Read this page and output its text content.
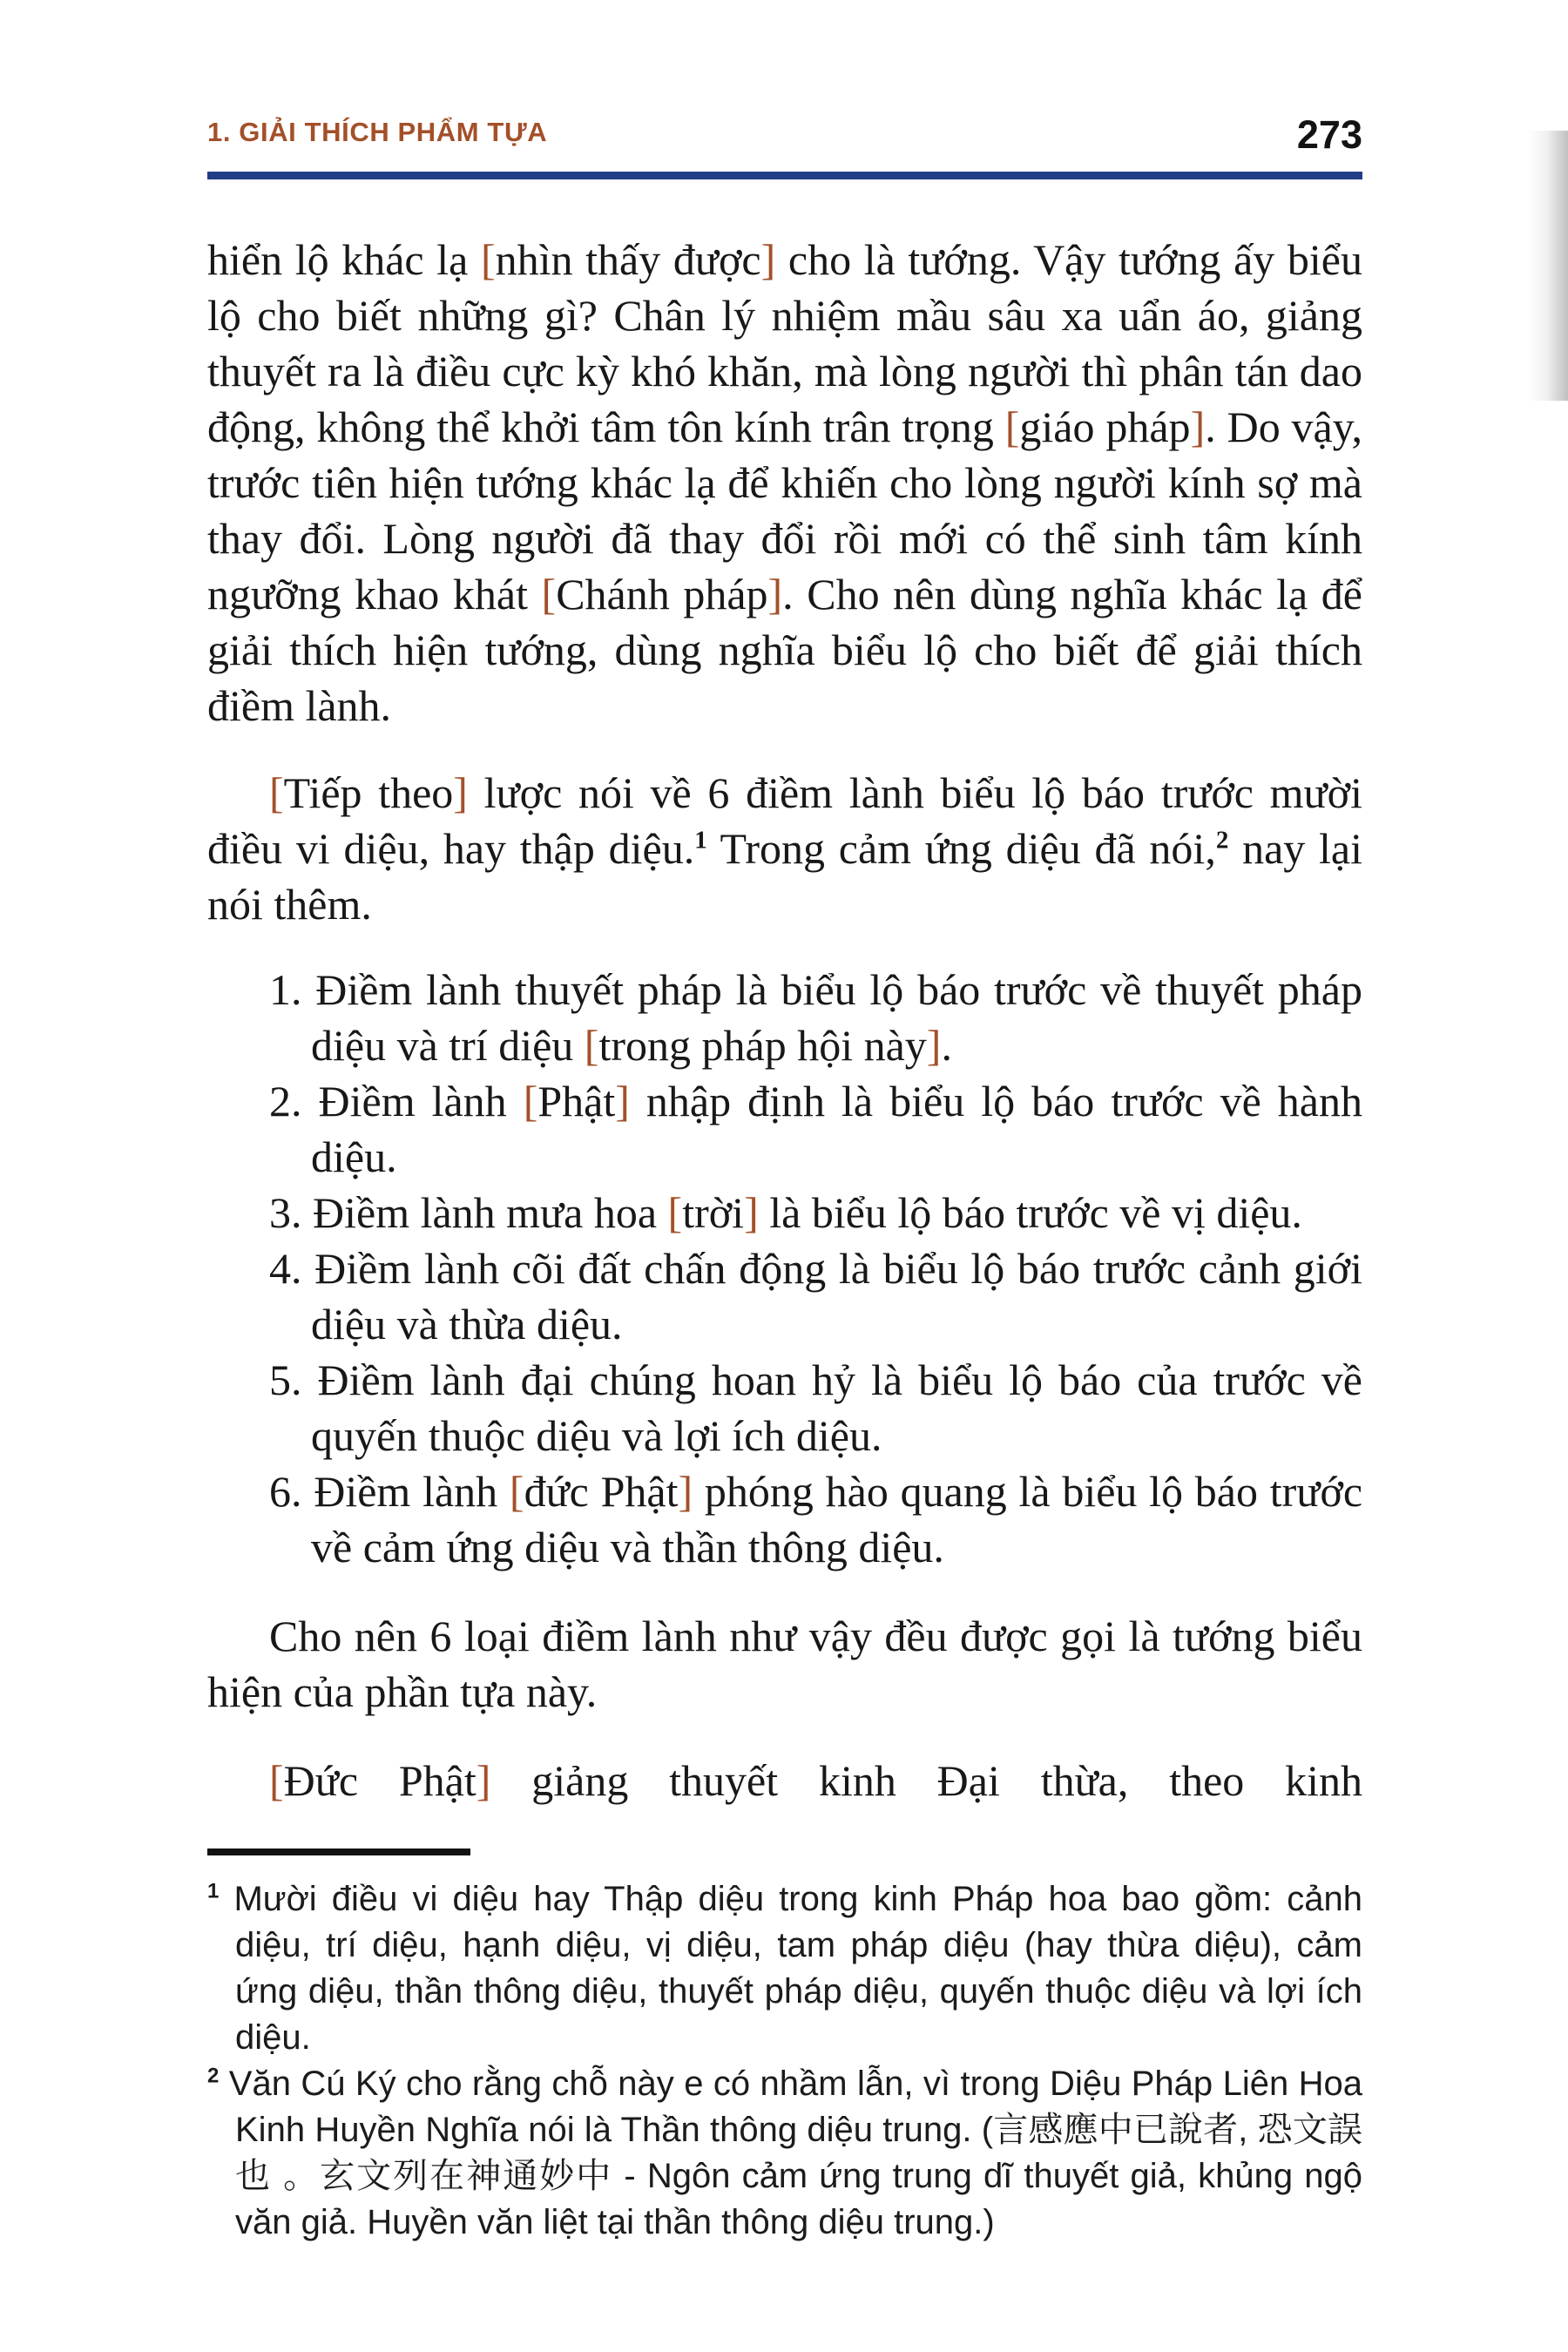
1. GIẢI THÍCH PHẨM TỰA	273

hiển lộ khác lạ [nhìn thấy được] cho là tướng. Vậy tướng ấy biểu lộ cho biết những gì? Chân lý nhiệm mầu sâu xa uẩn áo, giảng thuyết ra là điều cực kỳ khó khăn, mà lòng người thì phân tán dao động, không thể khởi tâm tôn kính trân trọng [giáo pháp]. Do vậy, trước tiên hiện tướng khác lạ để khiến cho lòng người kính sợ mà thay đổi. Lòng người đã thay đổi rồi mới có thể sinh tâm kính ngưỡng khao khát [Chánh pháp]. Cho nên dùng nghĩa khác lạ để giải thích hiện tướng, dùng nghĩa biểu lộ cho biết để giải thích điềm lành.

[Tiếp theo] lược nói về 6 điềm lành biểu lộ báo trước mười điều vi diệu, hay thập diệu.$^1$ Trong cảm ứng diệu đã nói,$^2$ nay lại nói thêm.

1. Điềm lành thuyết pháp là biểu lộ báo trước về thuyết pháp diệu và trí diệu [trong pháp hội này].
2. Điềm lành [Phật] nhập định là biểu lộ báo trước về hành diệu.
3. Điềm lành mưa hoa [trời] là biểu lộ báo trước về vị diệu.
4. Điềm lành cõi đất chấn động là biểu lộ báo trước cảnh giới diệu và thừa diệu.
5. Điềm lành đại chúng hoan hỷ là biểu lộ báo của trước về quyến thuộc diệu và lợi ích diệu.
6. Điềm lành [đức Phật] phóng hào quang là biểu lộ báo trước về cảm ứng diệu và thần thông diệu.

Cho nên 6 loại điềm lành như vậy đều được gọi là tướng biểu hiện của phần tựa này.

[Đức Phật] giảng thuyết kinh Đại thừa, theo kinh

$^1$ Mười điều vi diệu hay Thập diệu trong kinh Pháp hoa bao gồm: cảnh diệu, trí diệu, hạnh diệu, vị diệu, tam pháp diệu (hay thừa diệu), cảm ứng diệu, thần thông diệu, thuyết pháp diệu, quyến thuộc diệu và lợi ích diệu.
$^2$ Văn Cú Ký cho rằng chỗ này e có nhầm lẫn, vì trong Diệu Pháp Liên Hoa Kinh Huyền Nghĩa nói là Thần thông diệu trung. (言感應中已說者, 恐文誤也 。玄文列在神通妙中 - Ngôn cảm ứng trung dĩ thuyết giả, khủng ngộ văn giả. Huyền văn liệt tại thần thông diệu trung.)
